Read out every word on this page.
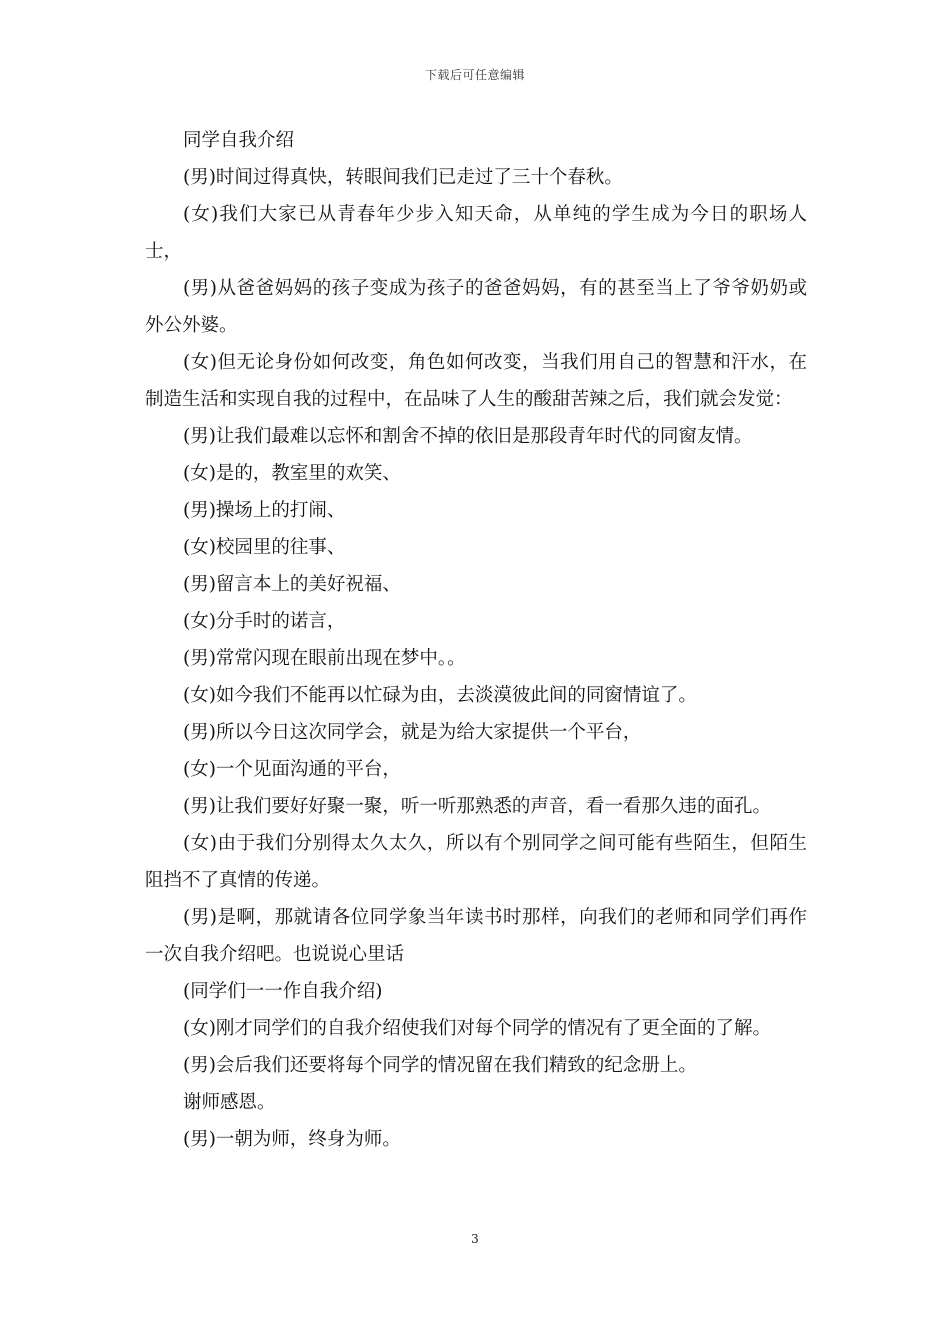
下载后可任意编辑

同学自我介绍

(男)时间过得真快，转眼间我们已走过了三十个春秋。

(女)我们大家已从青春年少步入知天命，从单纯的学生成为今日的职场人士，

(男)从爸爸妈妈的孩子变成为孩子的爸爸妈妈，有的甚至当上了爷爷奶奶或外公外婆。

(女)但无论身份如何改变，角色如何改变，当我们用自己的智慧和汗水，在制造生活和实现自我的过程中，在品味了人生的酸甜苦辣之后，我们就会发觉：

(男)让我们最难以忘怀和割舍不掉的依旧是那段青年时代的同窗友情。

(女)是的，教室里的欢笑、

(男)操场上的打闹、

(女)校园里的往事、

(男)留言本上的美好祝福、

(女)分手时的诺言，

(男)常常闪现在眼前出现在梦中。。

(女)如今我们不能再以忙碌为由，去淡漠彼此间的同窗情谊了。

(男)所以今日这次同学会，就是为给大家提供一个平台，

(女)一个见面沟通的平台，

(男)让我们要好好聚一聚，听一听那熟悉的声音，看一看那久违的面孔。

(女)由于我们分别得太久太久，所以有个别同学之间可能有些陌生，但陌生阻挡不了真情的传递。

(男)是啊，那就请各位同学象当年读书时那样，向我们的老师和同学们再作一次自我介绍吧。也说说心里话

(同学们一一作自我介绍)

(女)刚才同学们的自我介绍使我们对每个同学的情况有了更全面的了解。

(男)会后我们还要将每个同学的情况留在我们精致的纪念册上。

谢师感恩。

(男)一朝为师，终身为师。

3
